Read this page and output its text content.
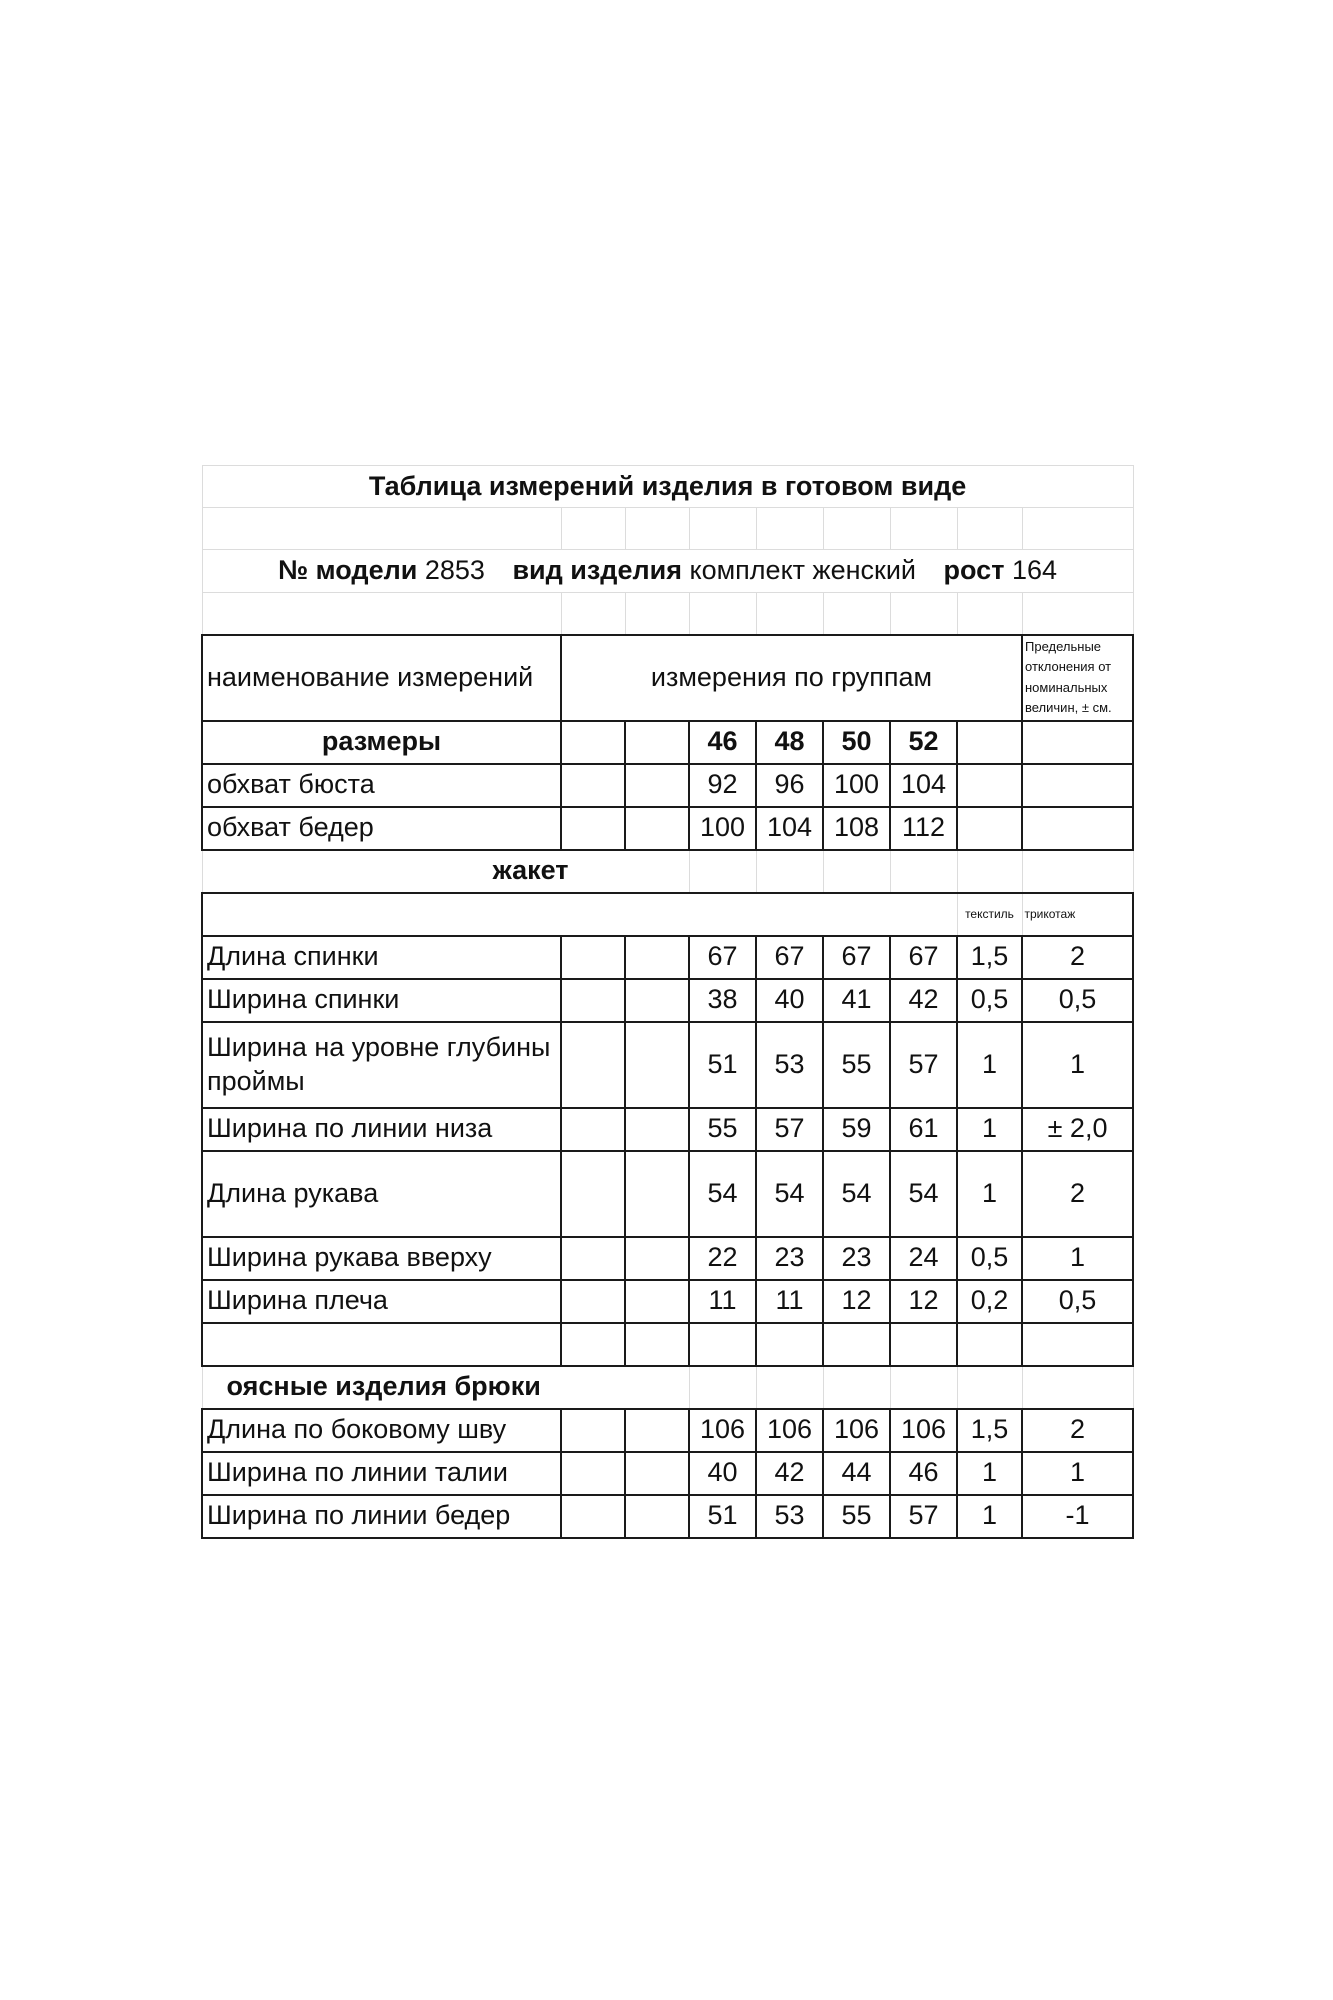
Таблица измерений изделия в готовом виде								

№ модели 2853 вид изделия комплект женский рост 164								

наименование измерений	измерения по группам							Предельные отклонения от номинальных величин, ± см.
размеры			46	48	50	52		
обхват бюста			92	96	100	104		
обхват бедер			100	104	108	112		
жакет								
							текстиль	трикотаж
Длина спинки			67	67	67	67	1,5	2
Ширина спинки			38	40	41	42	0,5	0,5
Ширина на уровне глубины проймы			51	53	55	57	1	1
Ширина по линии низа			55	57	59	61	1	± 2,0
Длина рукава			54	54	54	54	1	2
Ширина рукава вверху			22	23	23	24	0,5	1
Ширина плеча			11	11	12	12	0,2	0,5

оясные изделия брюки								
Длина по боковому шву			106	106	106	106	1,5	2
Ширина по линии талии			40	42	44	46	1	1
Ширина по линии бедер			51	53	55	57	1	-1
